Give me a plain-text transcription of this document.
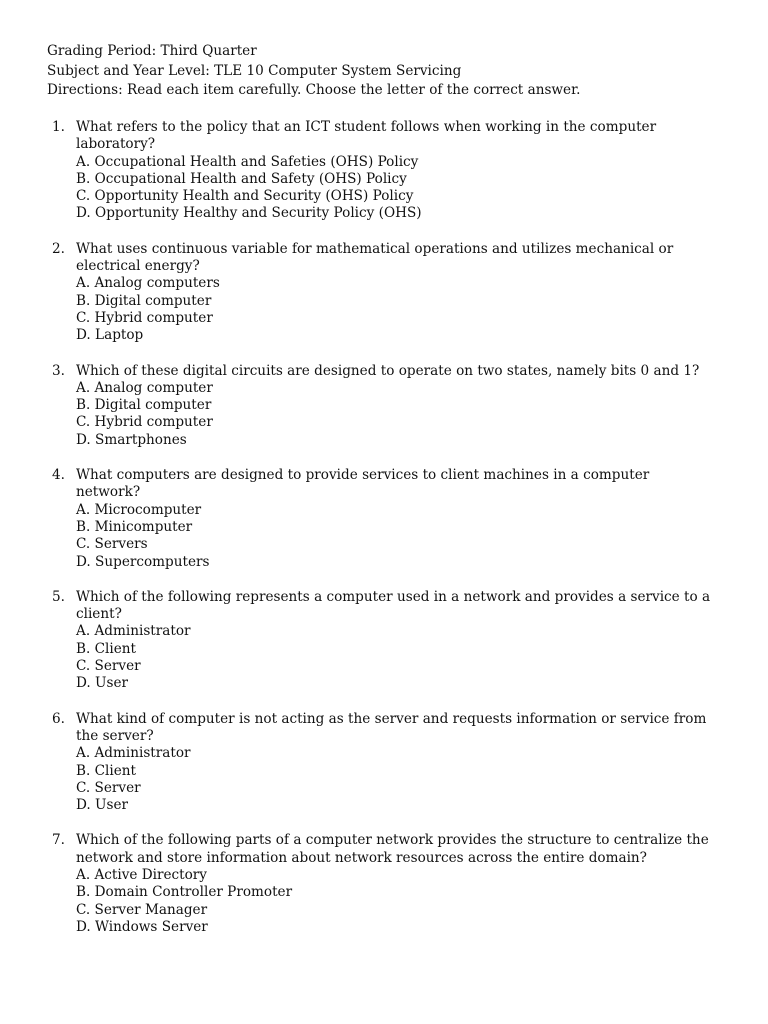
Grading Period: Third Quarter
Subject and Year Level: TLE 10 Computer System Servicing
Directions: Read each item carefully. Choose the letter of the correct answer.
1. What refers to the policy that an ICT student follows when working in the computer laboratory?
A. Occupational Health and Safeties (OHS) Policy
B. Occupational Health and Safety (OHS) Policy
C. Opportunity Health and Security (OHS) Policy
D. Opportunity Healthy and Security Policy (OHS)
2. What uses continuous variable for mathematical operations and utilizes mechanical or electrical energy?
A. Analog computers
B. Digital computer
C. Hybrid computer
D. Laptop
3. Which of these digital circuits are designed to operate on two states, namely bits 0 and 1?
A. Analog computer
B. Digital computer
C. Hybrid computer
D. Smartphones
4. What computers are designed to provide services to client machines in a computer network?
A. Microcomputer
B. Minicomputer
C. Servers
D. Supercomputers
5. Which of the following represents a computer used in a network and provides a service to a client?
A. Administrator
B. Client
C. Server
D. User
6. What kind of computer is not acting as the server and requests information or service from the server?
A. Administrator
B. Client
C. Server
D. User
7. Which of the following parts of a computer network provides the structure to centralize the network and store information about network resources across the entire domain?
A. Active Directory
B. Domain Controller Promoter
C. Server Manager
D. Windows Server
